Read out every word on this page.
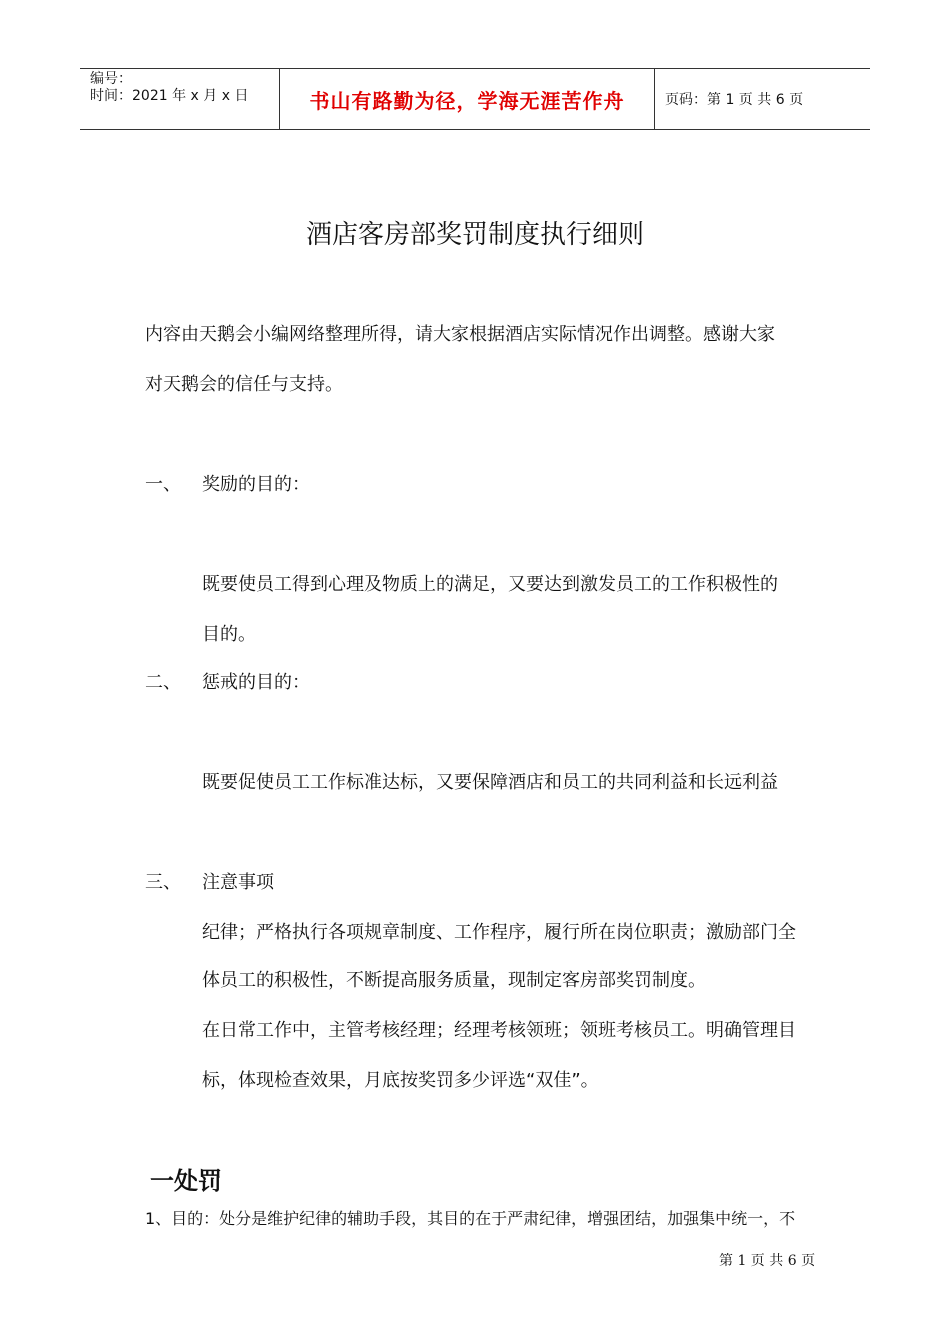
编号：
时间：2021 年 x 月 x 日	书山有路勤为径，学海无涯苦作舟	页码：第 1 页 共 6 页
酒店客房部奖罚制度执行细则
内容由天鹅会小编网络整理所得，请大家根据酒店实际情况作出调整。感谢大家
对天鹅会的信任与支持。
一、 奖励的目的：
既要使员工得到心理及物质上的满足，又要达到激发员工的工作积极性的
目的。
二、 惩戒的目的：
既要促使员工工作标准达标，又要保障酒店和员工的共同利益和长远利益
三、 注意事项
纪律；严格执行各项规章制度、工作程序，履行所在岗位职责；激励部门全
体员工的积极性，不断提高服务质量，现制定客房部奖罚制度。
在日常工作中，主管考核经理；经理考核领班；领班考核员工。明确管理目
标，体现检查效果，月底按奖罚多少评选“双佳”。
一处罚
1、目的：处分是维护纪律的辅助手段，其目的在于严肃纪律，增强团结，加强集中统一，不
第 1 页 共 6 页
